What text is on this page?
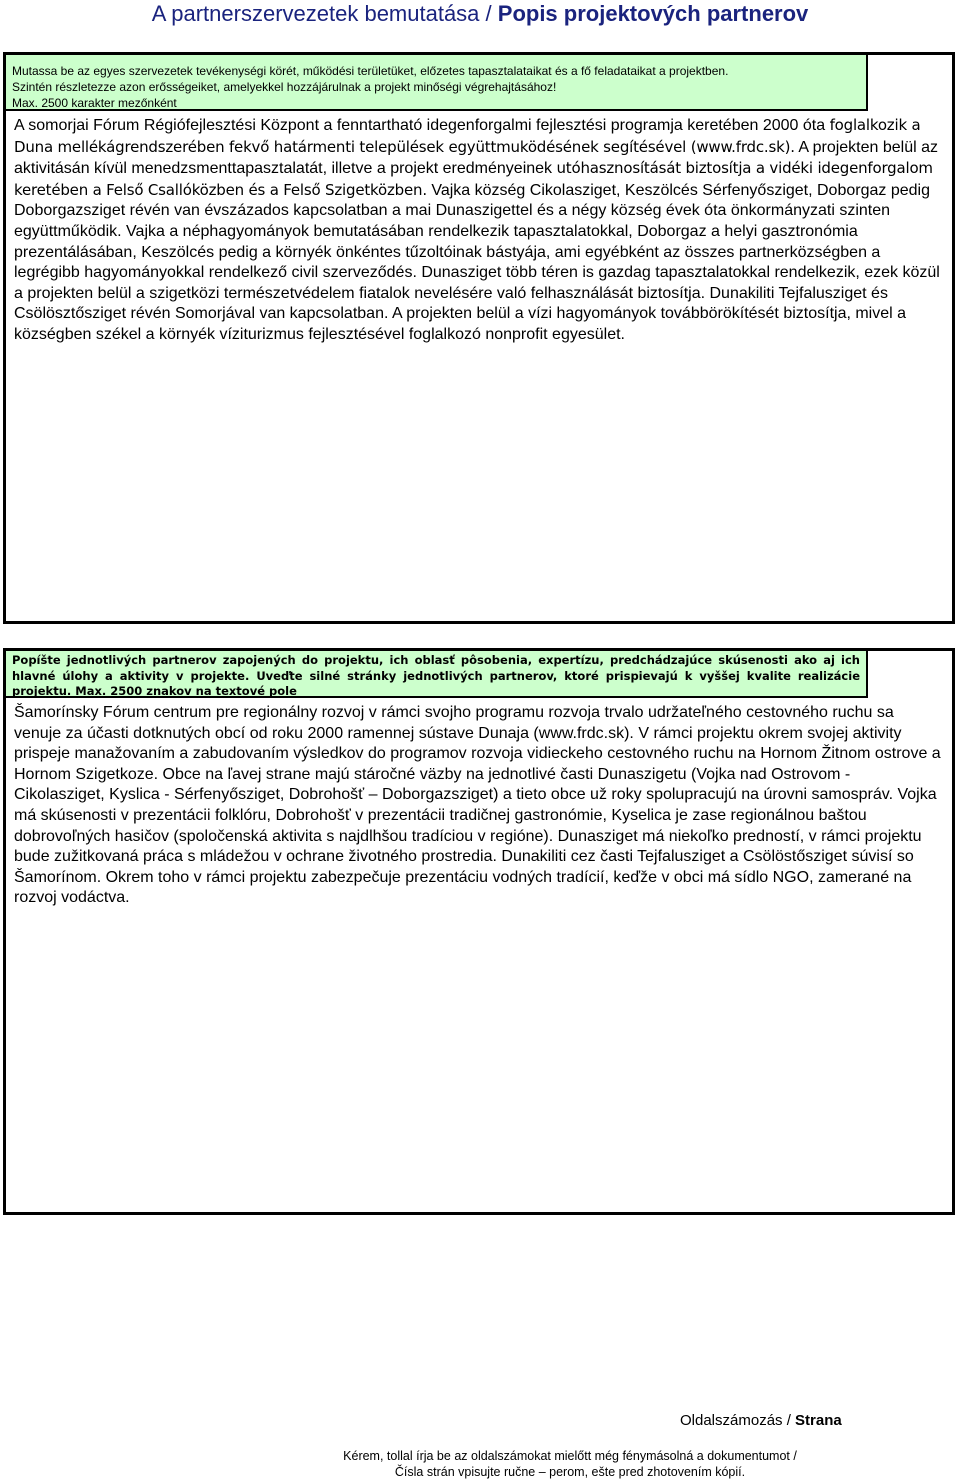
A partnerszervezetek bemutatása / Popis projektových partnerov
Mutassa be az egyes szervezetek tevékenységi körét, működési területüket, előzetes tapasztalataikat és a fő feladataikat a projektben.
Szintén részletezze azon erősségeiket, amelyekkel hozzájárulnak a projekt minőségi végrehajtásához!
Max. 2500 karakter mezőnként
A somorjai Fórum Régiófejlesztési Központ a fenntartható idegenforgalmi fejlesztési programja keretében 2000 óta foglalkozik a Duna mellékágrendszerében fekvő határmenti települések együttmuködésének segítésével (www.frdc.sk). A projekten belül az aktivitásán kívül menedzsmenttapasztalatát, illetve a projekt eredményeinek utóhasznosítását biztosítja a vidéki idegenforgalom keretében a Felső Csallóközben és a Felső Szigetközben. Vajka község Cikolasziget, Keszölcés Sérfenyősziget, Doborgaz pedig Doborgazsziget révén van évszázados kapcsolatban a mai Dunaszigettel és a négy község évek óta önkormányzati szinten együttműködik. Vajka a néphagyományok bemutatásában rendelkezik tapasztalatokkal, Doborgaz a helyi gasztronómia prezentálásában, Keszölcés pedig a környék önkéntes tűzoltóinak bástyája, ami egyébként az összes partnerközségben a legrégibb hagyományokkal rendelkező civil szerveződés. Dunasziget több téren is gazdag tapasztalatokkal rendelkezik, ezek közül a projekten belül a szigetközi természetvédelem fiatalok nevelésére való felhasználását biztosítja. Dunakiliti Tejfalusziget és Csölösztősziget révén Somorjával van kapcsolatban. A projekten belül a vízi hagyományok továbbörökítését biztosítja, mivel a községben székel a környék víziturizmus fejlesztésével foglalkozó nonprofit egyesület.
Popíšte jednotlivých partnerov zapojených do projektu, ich oblasť pôsobenia, expertízu, predchádzajúce skúsenosti ako aj ich hlavné úlohy a aktivity v projekte. Uveďte silné stránky jednotlivých partnerov, ktoré prispievajú k vyššej kvalite realizácie projektu. Max. 2500 znakov na textové pole
Šamorínsky Fórum centrum pre regionálny rozvoj v rámci svojho programu rozvoja trvalo udržateľného cestovného ruchu sa venuje za účasti dotknutých obcí od roku 2000 ramennej sústave Dunaja (www.frdc.sk). V rámci projektu okrem svojej aktivity prispeje manažovaním a zabudovaním výsledkov do programov rozvoja vidieckeho cestovného ruchu na Hornom Žitnom ostrove a Hornom Szigetkoze. Obce na ľavej strane majú stáročné väzby na jednotlivé časti Dunaszigetu (Vojka nad Ostrovom - Cikolasziget, Kyslica - Sérfenyősziget, Dobrohošť – Doborgazsziget) a tieto obce už roky spolupracujú na úrovni samospráv. Vojka má skúsenosti v prezentácii folklóru, Dobrohošť v prezentácii tradičnej gastronómie, Kyselica je zase regionálnou baštou dobrovoľných hasičov (spoločenská aktivita s najdlhšou tradíciou v regióne). Dunasziget má niekoľko predností, v rámci projektu bude zužitkovaná práca s mládežou v ochrane životného prostredia. Dunakiliti cez časti Tejfalusziget a Csölöstősziget súvisí so Šamorínom. Okrem toho v rámci projektu zabezpečuje prezentáciu vodných tradícií, keďže v obci má sídlo NGO, zamerané na rozvoj vodáctva.
Oldalszámozás / Strana
Kérem, tollal írja be az oldalszámokat mielőtt még fénymásolná a dokumentumot /
Čísla strán vpisujte ručne – perom, ešte pred zhotovením kópií.
